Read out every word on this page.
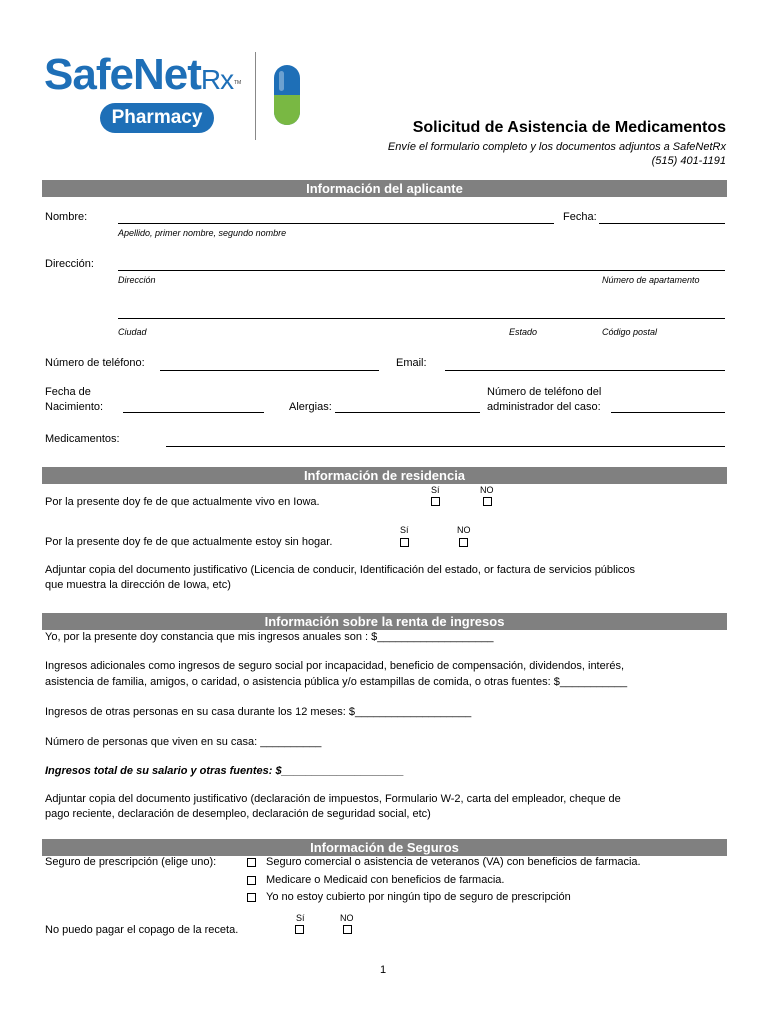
SafeNetRx TM
Pharmacy	Solicitud de Asistencia de Medicamentos
Envíe el formulario completo y los documentos adjuntos a SafeNetRx
(515) 401-1191
Información del aplicante
Nombre:	Fecha:
Apellido, primer nombre, segundo nombre
Dirección:
Dirección	Número de apartamento
Ciudad	Estado	Código postal
Número de teléfono:	Email:
Fecha de
Nacimiento:	Alergias:
Número de teléfono del
administrador del caso:
Medicamentos:
Información de residencia
Sí	NO
Por la presente doy fe de que actualmente vivo en Iowa.
Sí	NO
Por la presente doy fe de que actualmente estoy sin hogar.
Adjuntar copia del documento justificativo (Licencia de conducir, Identificación del estado, or factura de servicios públicos
que muestra la dirección de Iowa, etc)
Información sobre la renta de ingresos
Yo, por la presente doy constancia que mis ingresos anuales son : $___________________
Ingresos adicionales como ingresos de seguro social por incapacidad, beneficio de compensación, dividendos, interés,
asistencia de familia, amigos, o caridad, o asistencia pública y/o estampillas de comida, o otras fuentes: $___________
Ingresos de otras personas en su casa durante los 12 meses: $___________________
Número de personas que viven en su casa: __________
Ingresos total de su salario y otras fuentes: $____________________
Adjuntar copia del documento justificativo (declaración de impuestos, Formulario W-2, carta del empleador, cheque de
pago reciente, declaración de desempleo, declaración de seguridad social, etc)
Información de Seguros
Seguro de prescripción (elige uno):	Seguro comercial o asistencia de veteranos (VA) con beneficios de farmacia.
Medicare o Medicaid con beneficios de farmacia.
Yo no estoy cubierto por ningún tipo de seguro de prescripción
Sí	NO
No puedo pagar el copago de la receta.
1
